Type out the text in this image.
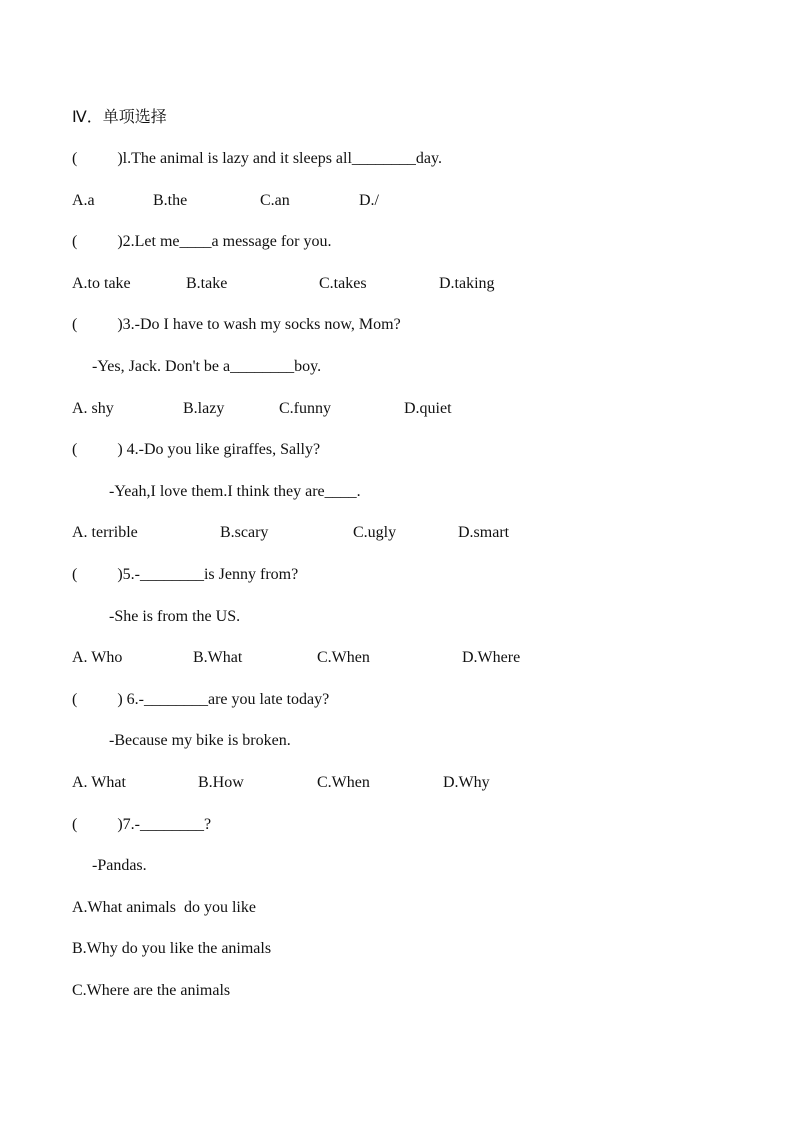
Ⅳ．单项选择
(          )l.The animal is lazy and it sleeps all________day.

A.a

	B.the

	C.an

	D./

(          )2.Let me____a message for you.

A.to take

	B.take

	C.takes

	D.taking

(          )3.-Do I have to wash my socks now, Mom?
-Yes, Jack. Don't be a________boy.

A. shy

	B.lazy

	C.funny

	D.quiet

(          ) 4.-Do you like giraffes, Sally?
-Yeah,I love them.I think they are____.

A. terrible

	B.scary

	C.ugly

	D.smart

(          )5.-________is Jenny from?
-She is from the US.

A. Who

	B.What

	C.When

	D.Where

(          ) 6.-________are you late today?
-Because my bike is broken.

A. What

	B.How

	C.When

	D.Why

(          )7.-________?
-Pandas.
A.What animals  do you like
B.Why do you like the animals
C.Where are the animals
